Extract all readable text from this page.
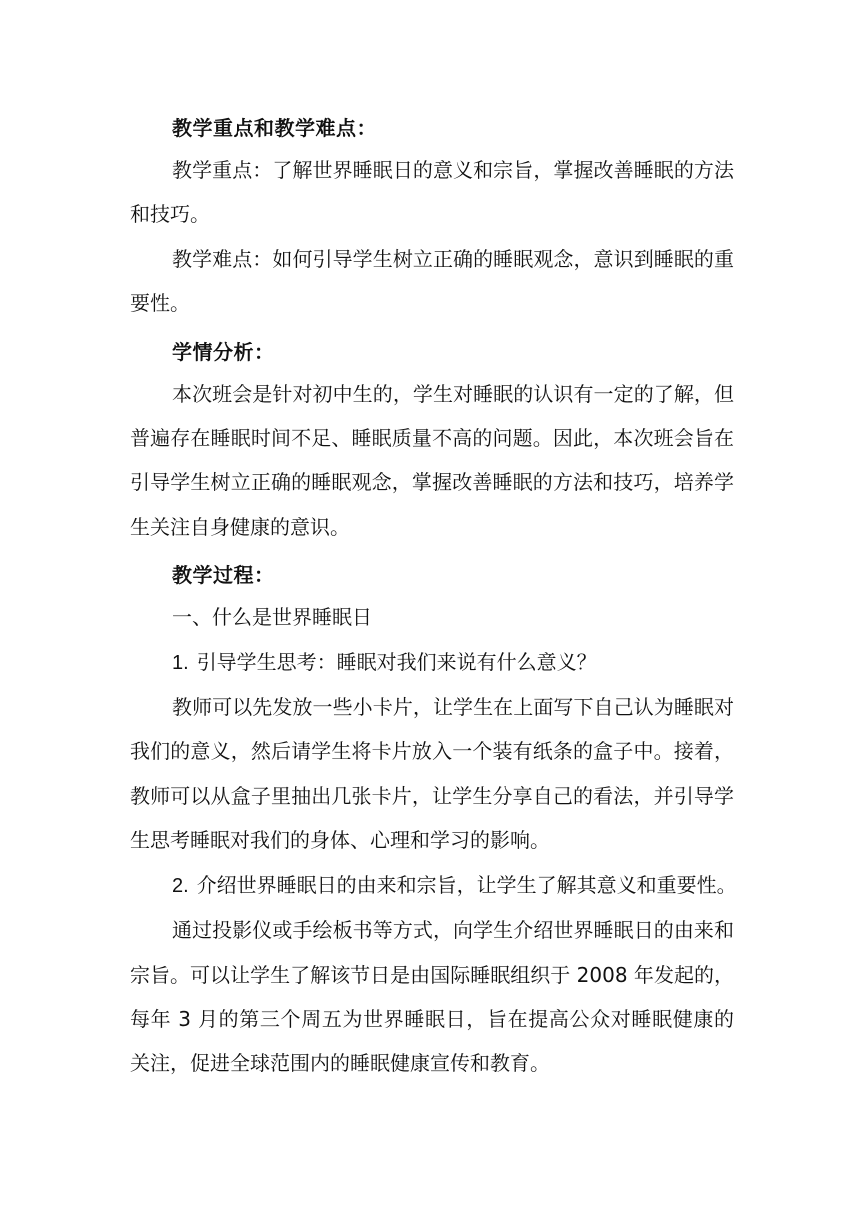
教学重点和教学难点：

教学重点：了解世界睡眠日的意义和宗旨，掌握改善睡眠的方法和技巧。

教学难点：如何引导学生树立正确的睡眠观念，意识到睡眠的重要性。

学情分析：

本次班会是针对初中生的，学生对睡眠的认识有一定的了解，但普遍存在睡眠时间不足、睡眠质量不高的问题。因此，本次班会旨在引导学生树立正确的睡眠观念，掌握改善睡眠的方法和技巧，培养学生关注自身健康的意识。

教学过程：

一、什么是世界睡眠日

1. 引导学生思考：睡眠对我们来说有什么意义？

教师可以先发放一些小卡片，让学生在上面写下自己认为睡眠对我们的意义，然后请学生将卡片放入一个装有纸条的盒子中。接着，教师可以从盒子里抽出几张卡片，让学生分享自己的看法，并引导学生思考睡眠对我们的身体、心理和学习的影响。

2. 介绍世界睡眠日的由来和宗旨，让学生了解其意义和重要性。

通过投影仪或手绘板书等方式，向学生介绍世界睡眠日的由来和宗旨。可以让学生了解该节日是由国际睡眠组织于 2008 年发起的，每年 3 月的第三个周五为世界睡眠日，旨在提高公众对睡眠健康的关注，促进全球范围内的睡眠健康宣传和教育。
